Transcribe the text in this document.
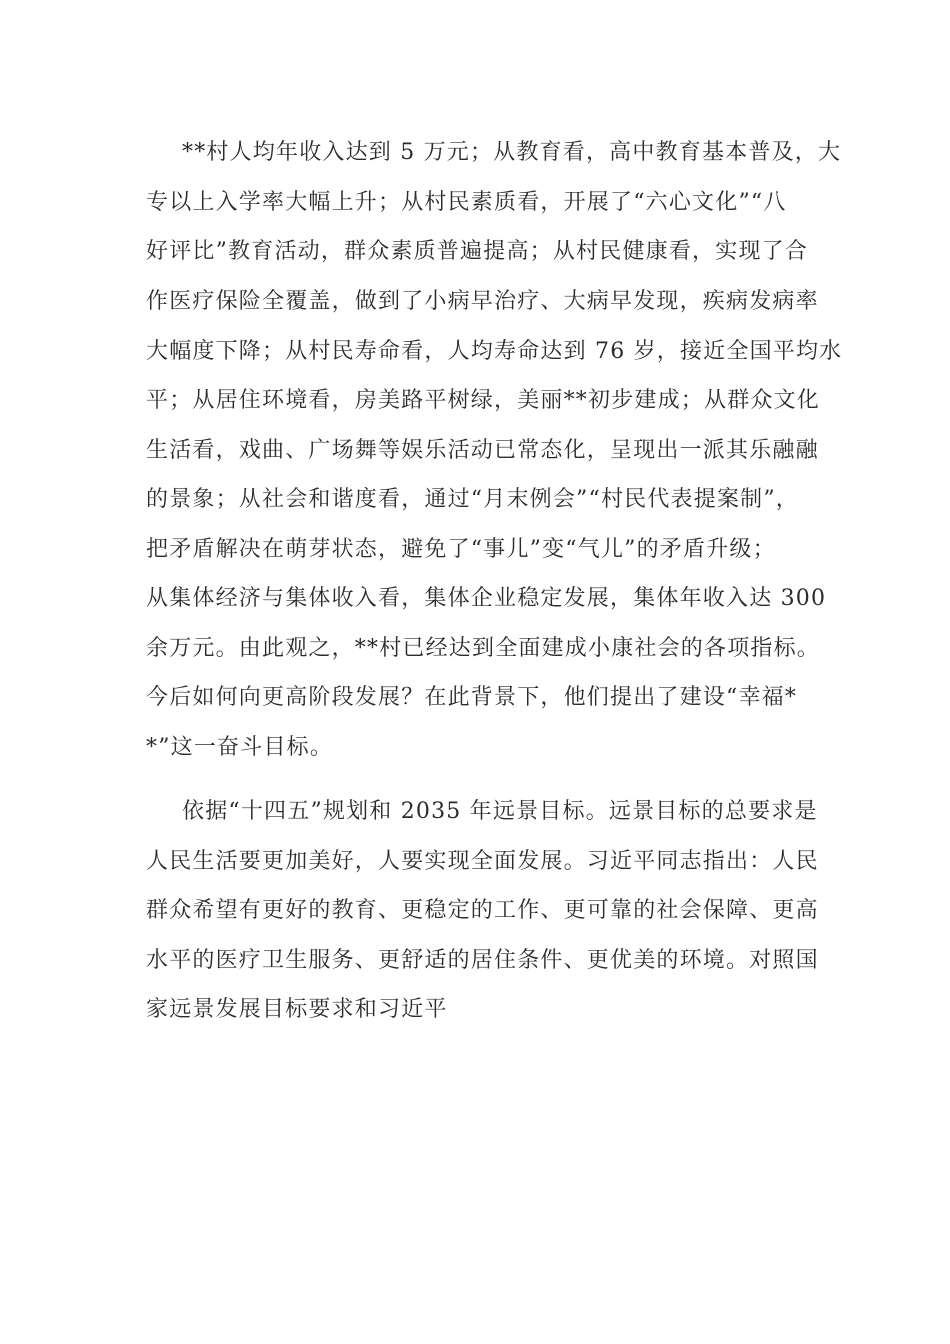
**村人均年收入达到 5 万元；从教育看，高中教育基本普及，大
专以上入学率大幅上升；从村民素质看，开展了“六心文化”“八
好评比”教育活动，群众素质普遍提高；从村民健康看，实现了合
作医疗保险全覆盖，做到了小病早治疗、大病早发现，疾病发病率
大幅度下降；从村民寿命看，人均寿命达到 76 岁，接近全国平均水
平；从居住环境看，房美路平树绿，美丽**初步建成；从群众文化
生活看，戏曲、广场舞等娱乐活动已常态化，呈现出一派其乐融融
的景象；从社会和谐度看，通过“月末例会”“村民代表提案制”，
把矛盾解决在萌芽状态，避免了“事儿”变“气儿”的矛盾升级；
从集体经济与集体收入看，集体企业稳定发展，集体年收入达 300
余万元。由此观之，**村已经达到全面建成小康社会的各项指标。
今后如何向更高阶段发展？在此背景下，他们提出了建设“幸福*
*”这一奋斗目标。
依据“十四五”规划和 2035 年远景目标。远景目标的总要求是
人民生活要更加美好，人要实现全面发展。习近平同志指出：人民
群众希望有更好的教育、更稳定的工作、更可靠的社会保障、更高
水平的医疗卫生服务、更舒适的居住条件、更优美的环境。对照国
家远景发展目标要求和习近平
